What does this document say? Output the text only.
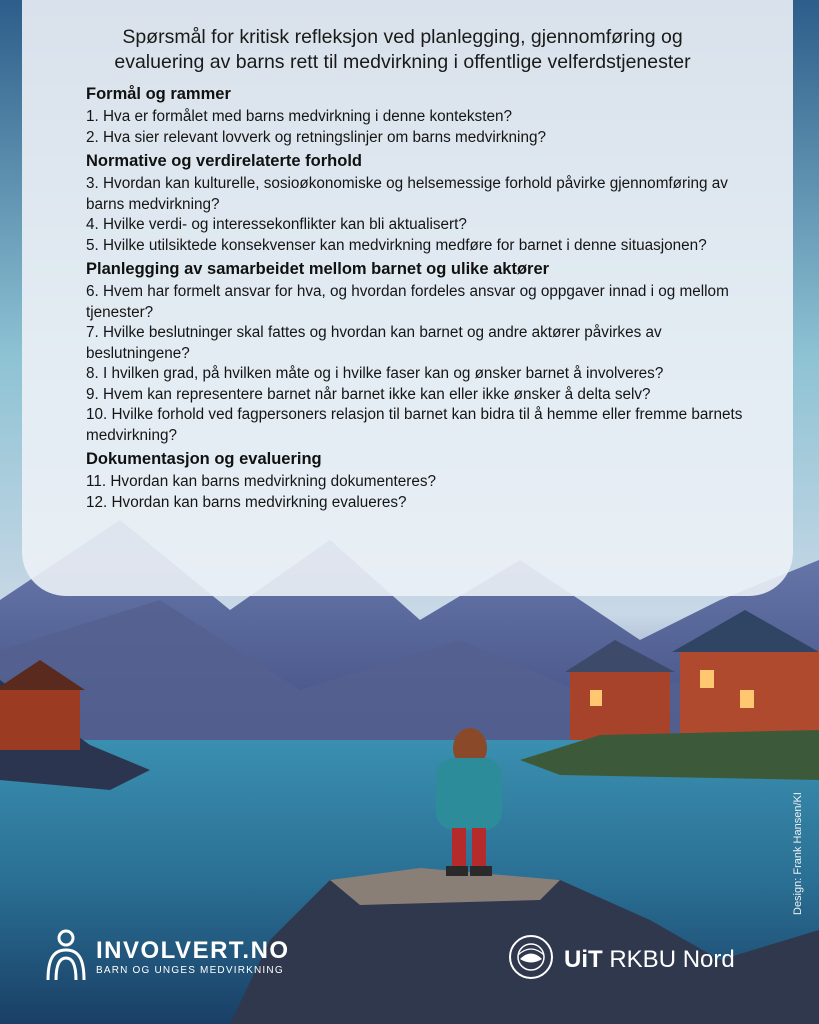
Spørsmål for kritisk refleksjon ved planlegging, gjennomføring og
evaluering av barns rett til medvirkning i offentlige velferdstjenester
Formål og rammer

1. Hva er formålet med barns medvirkning i denne konteksten?

2. Hva sier relevant lovverk og retningslinjer om barns medvirkning?

Normative og verdirelaterte forhold

3. Hvordan kan kulturelle, sosioøkonomiske og helsemessige forhold påvirke gjennomføring av barns medvirkning?

4. Hvilke verdi- og interessekonflikter kan bli aktualisert?

5. Hvilke utilsiktede konsekvenser kan medvirkning medføre for barnet i denne situasjonen?

Planlegging av samarbeidet mellom barnet og ulike aktører

6. Hvem har formelt ansvar for hva, og hvordan fordeles ansvar og oppgaver innad i og mellom tjenester?

7. Hvilke beslutninger skal fattes og hvordan kan barnet og andre aktører påvirkes av beslutningene?

8. I hvilken grad, på hvilken måte og i hvilke faser kan og ønsker barnet å involveres?

9. Hvem kan representere barnet når barnet ikke kan eller ikke ønsker å delta selv?

10. Hvilke forhold ved fagpersoners relasjon til barnet kan bidra til å hemme eller fremme barnets medvirkning?

Dokumentasjon og evaluering

11. Hvordan kan barns medvirkning dokumenteres?

12. Hvordan kan barns medvirkning evalueres?

INVOLVERT.NO
BARN OG UNGES MEDVIRKNING	UiT RKBU Nord
